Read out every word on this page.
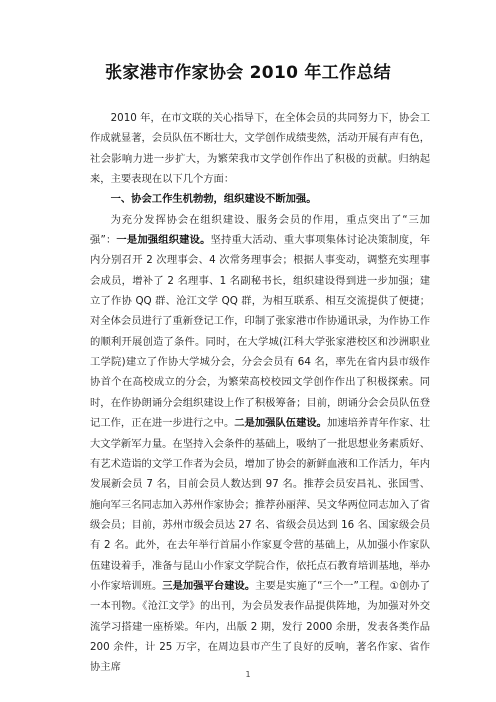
张家港市作家协会 2010 年工作总结

2010 年，在市文联的关心指导下，在全体会员的共同努力下，协会工作成就显著，会员队伍不断壮大，文学创作成绩斐然，活动开展有声有色，社会影响力进一步扩大，为繁荣我市文学创作作出了积极的贡献。归纳起来，主要表现在以下几个方面：

一、协会工作生机勃勃，组织建设不断加强。

为充分发挥协会在组织建设、服务会员的作用，重点突出了“三加强”：一是加强组织建设。坚持重大活动、重大事项集体讨论决策制度，年内分别召开 2 次理事会、4 次常务理事会；根据人事变动，调整充实理事会成员，增补了 2 名理事、1 名副秘书长，组织建设得到进一步加强；建立了作协 QQ 群、沧江文学 QQ 群，为相互联系、相互交流提供了便捷；对全体会员进行了重新登记工作，印制了张家港市作协通讯录，为作协工作的顺利开展创造了条件。同时，在大学城(江科大学张家港校区和沙洲职业工学院)建立了作协大学城分会，分会会员有 64 名，率先在省内县市级作协首个在高校成立的分会，为繁荣高校校园文学创作作出了积极探索。同时，在作协朗诵分会组织建设上作了积极筹备；目前，朗诵分会会员队伍登记工作，正在进一步进行之中。二是加强队伍建设。加速培养青年作家、壮大文学新军力量。在坚持入会条件的基础上，吸纳了一批思想业务素质好、有艺术造诣的文学工作者为会员，增加了协会的新鲜血液和工作活力，年内发展新会员 7 名，目前会员人数达到 97 名。推荐会员安昌礼、张国雪、施向军三名同志加入苏州作家协会；推荐孙丽萍、吴文华两位同志加入了省级会员；目前，苏州市级会员达 27 名、省级会员达到 16 名、国家级会员有 2 名。此外，在去年举行首届小作家夏令营的基础上，从加强小作家队伍建设着手，准备与昆山小作家文学院合作，依托点石教育培训基地，举办小作家培训班。三是加强平台建设。主要是实施了“三个一”工程。①创办了一本刊物。《沧江文学》的出刊，为会员发表作品提供阵地，为加强对外交流学习搭建一座桥梁。年内，出版 2 期，发行 2000 余册，发表各类作品 200 余件，计 25 万字，在周边县市产生了良好的反响，著名作家、省作协主席

1
